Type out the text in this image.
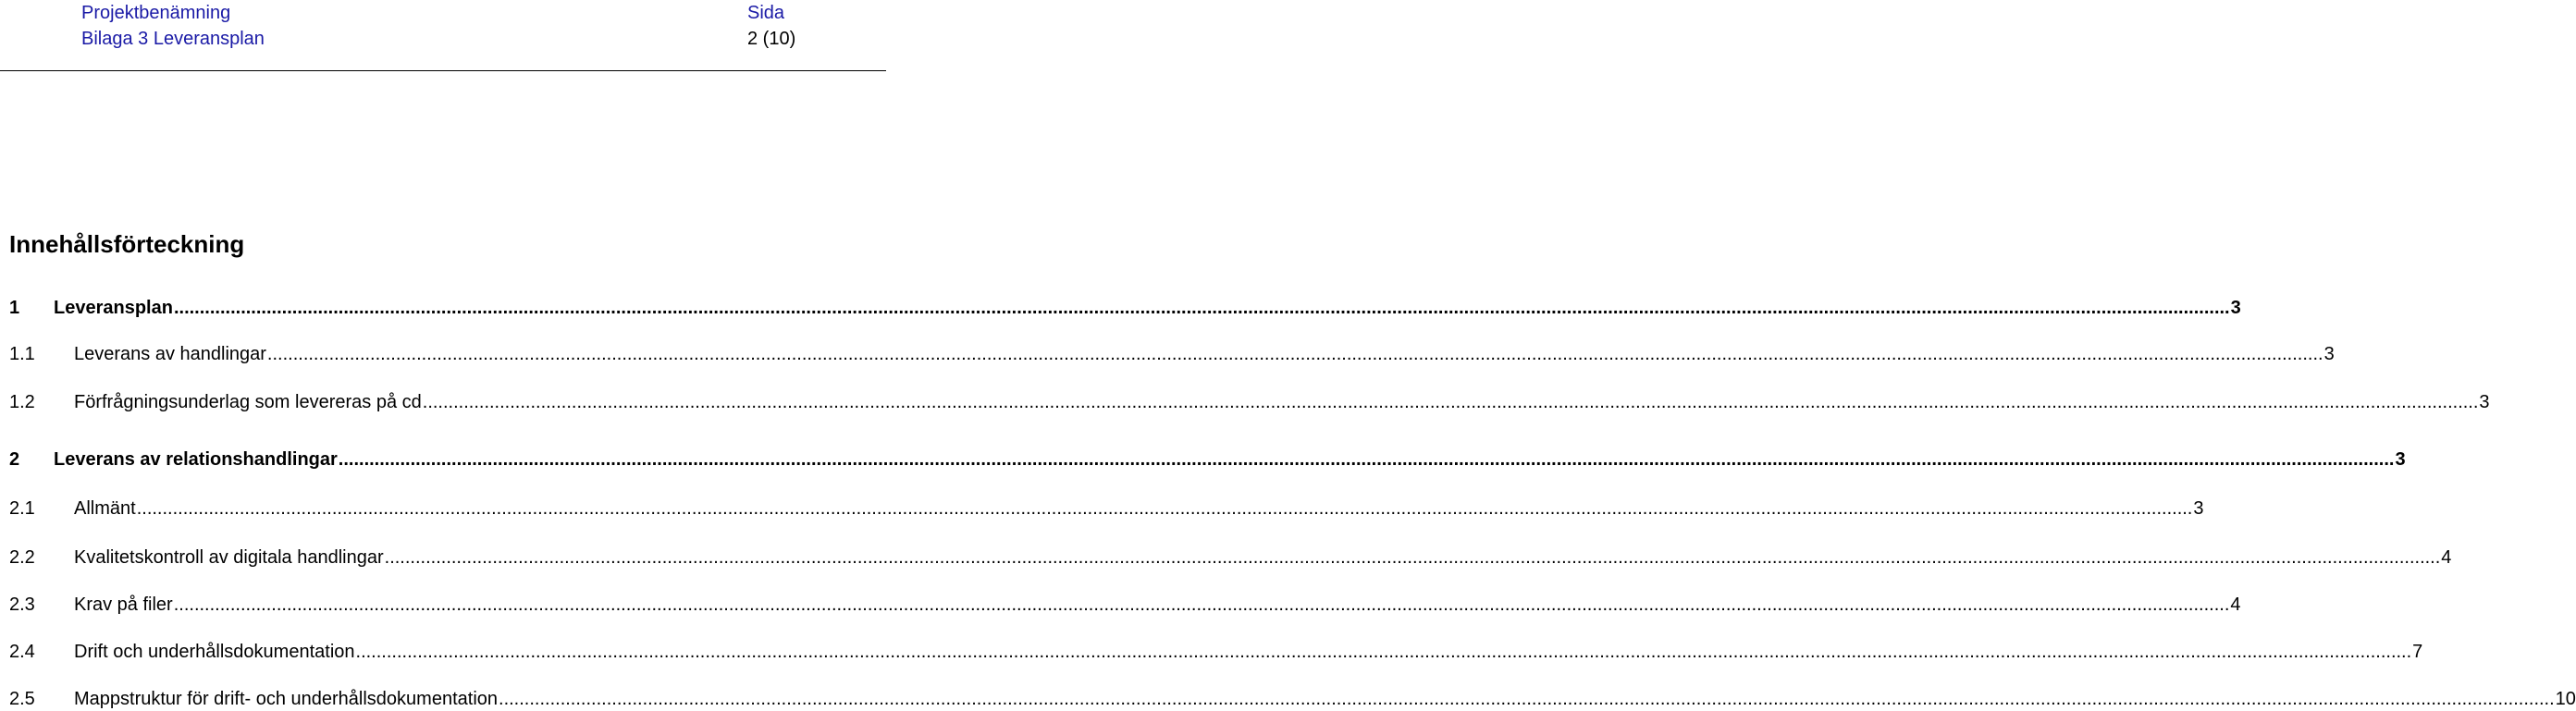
Projektbenämning
Bilaga 3 Leveransplan
Sida
2 (10)
Innehållsförteckning
1	Leveransplan ................................................................................................................................................................................................................................................................................................................................................................................................................ 3
1.1	Leverans av handlingar ................................................................................................................................................................................................................................................................................................................................................................................................................ 3
1.2	Förfrågningsunderlag som levereras på cd ................................................................................................................................................................................................................................................................................................................................................................................................................ 3
2	Leverans av relationshandlingar ................................................................................................................................................................................................................................................................................................................................................................................................................ 3
2.1	Allmänt ................................................................................................................................................................................................................................................................................................................................................................................................................ 3
2.2	Kvalitetskontroll av digitala handlingar ................................................................................................................................................................................................................................................................................................................................................................................................................ 4
2.3	Krav på filer ................................................................................................................................................................................................................................................................................................................................................................................................................ 4
2.4	Drift och underhållsdokumentation ................................................................................................................................................................................................................................................................................................................................................................................................................ 7
2.5	Mappstruktur för drift- och underhållsdokumentation ................................................................................................................................................................................................................................................................................................................................................................................................................ 10
